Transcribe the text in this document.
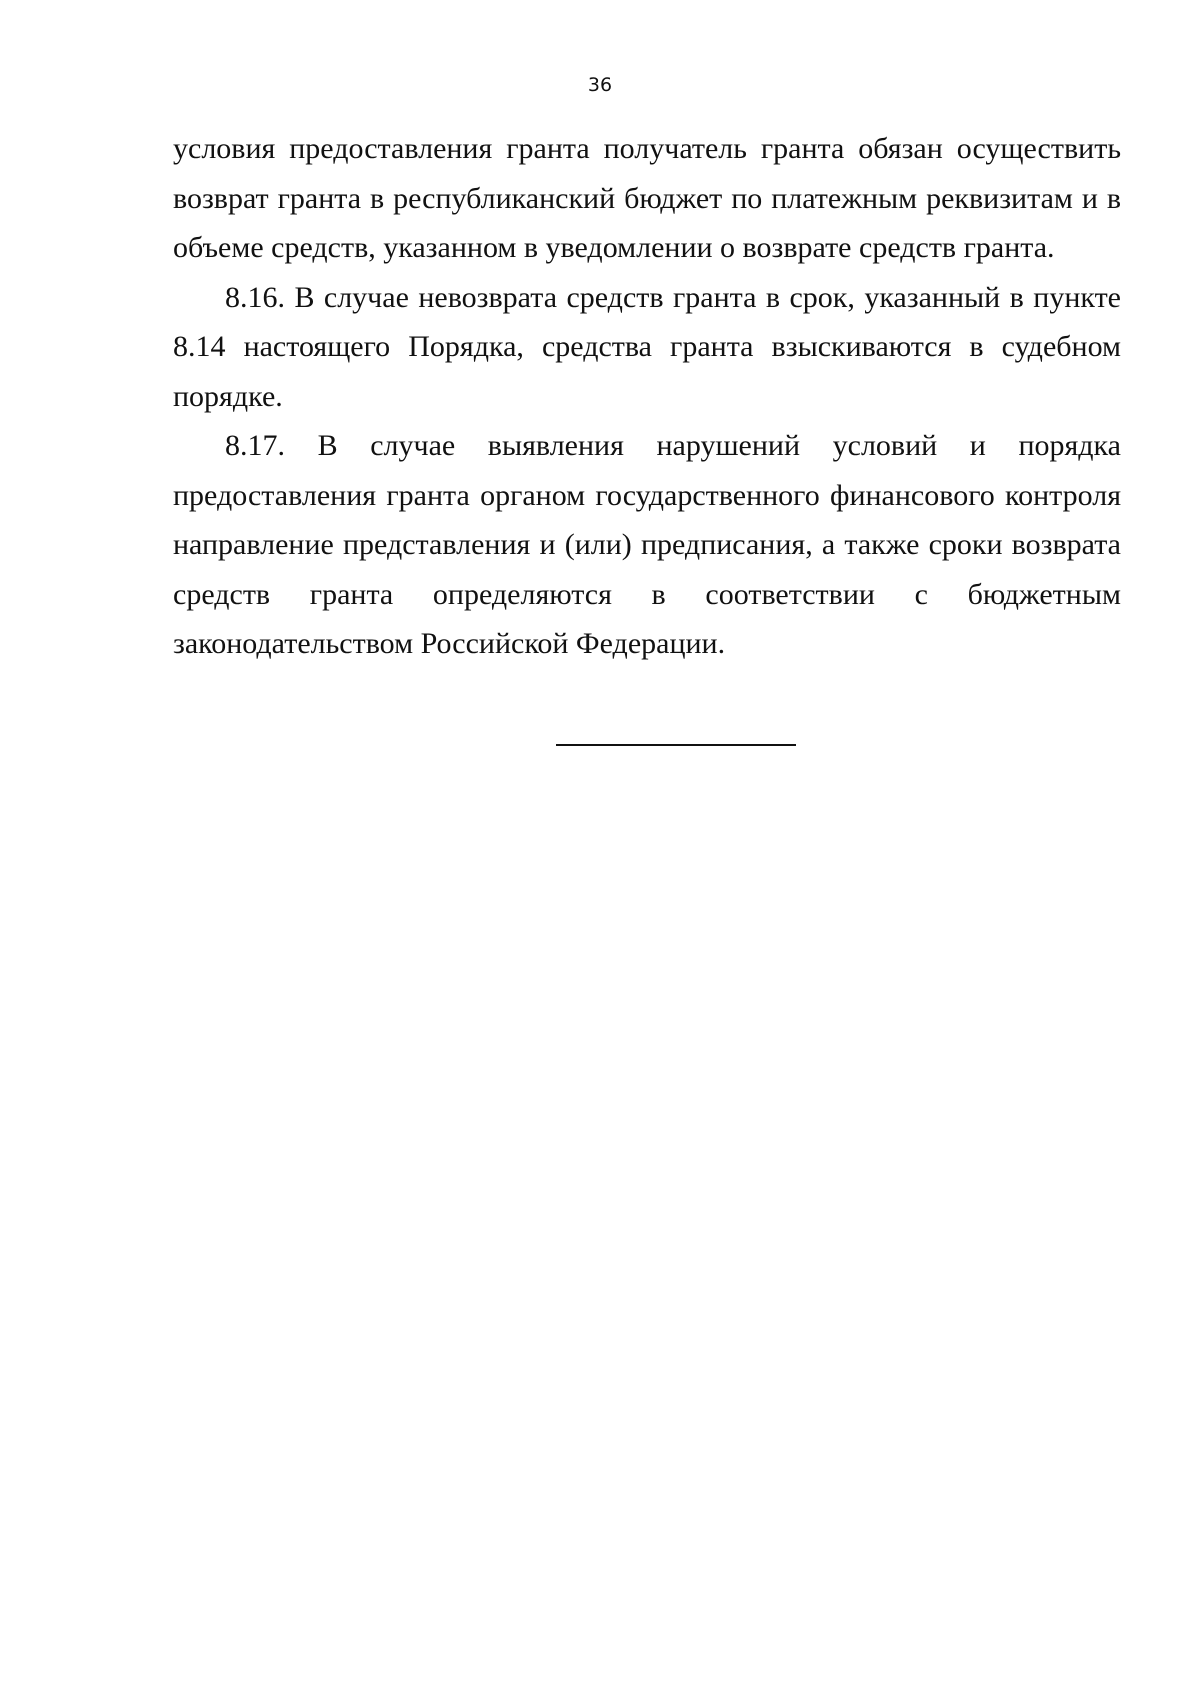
36

условия предоставления гранта получатель гранта обязан осуществить возврат гранта в республиканский бюджет по платежным реквизитам и в объеме средств, указанном в уведомлении о возврате средств гранта.

8.16. В случае невозврата средств гранта в срок, указанный в пункте 8.14 настоящего Порядка, средства гранта взыскиваются в судебном порядке.

8.17. В случае выявления нарушений условий и порядка предоставления гранта органом государственного финансового контроля направление представления и (или) предписания, а также сроки возврата средств гранта определяются в соответствии с бюджетным законодательством Российской Федерации.
